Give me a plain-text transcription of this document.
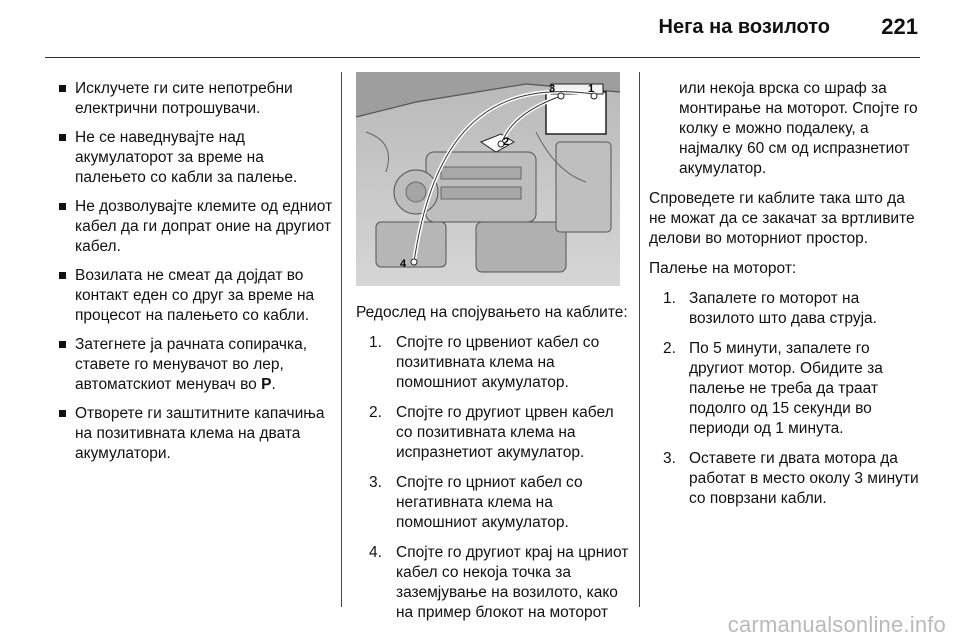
Нега на возилото 221
Исклучете ги сите непотребни електрични потрошувачи.
Не се наведнувајте над акумулаторот за време на палењето со кабли за палење.
Не дозволувајте клемите од едниот кабел да ги допрат оние на другиот кабел.
Возилата не смеат да дојдат во контакт еден со друг за време на процесот на палењето со кабли.
Затегнете ја рачната сопирачка, ставете го менувачот во лер, автоматскиот менувач во P.
Отворете ги заштитните капачиња на позитивната клема на двата акумулатори.
1
2
3
4
Редослед на спојувањето на каблите:
1. Спојте го црвениот кабел со позитивната клема на помошниот акумулатор.
2. Спојте го другиот црвен кабел со позитивната клема на испразнетиот акумулатор.
3. Спојте го црниот кабел со негативната клема на помошниот акумулатор.
4. Спојте го другиот крај на црниот кабел со некоја точка за заземјување на возилото, како на пример блокот на моторот
или некоја врска со шраф за монтирање на моторот. Спојте го колку е можно подалеку, а најмалку 60 см од испразнетиот акумулатор.
Спроведете ги каблите така што да не можат да се закачат за вртливите делови во моторниот простор.
Палење на моторот:
1. Запалете го моторот на возилото што дава струја.
2. По 5 минути, запалете го другиот мотор. Обидите за палење не треба да траат подолго од 15 секунди во периоди од 1 минута.
3. Оставете ги двата мотора да работат в место околу 3 минути со поврзани кабли.
carmanualsonline.info
